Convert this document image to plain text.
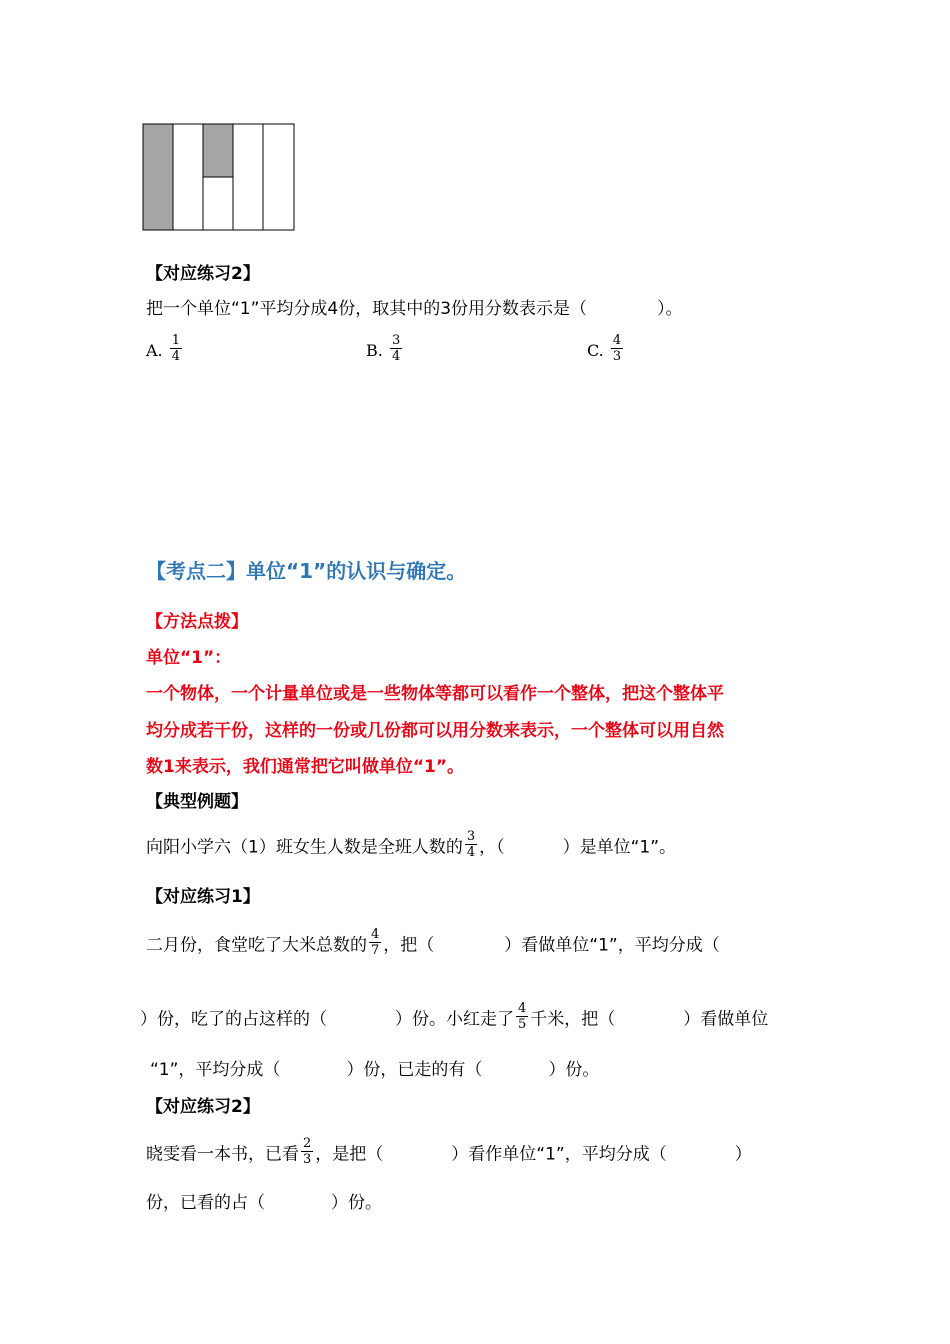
【对应练习2】
把一个单位“1”平均分成4份，取其中的3份用分数表示是（	）。
A. $\frac{1}{4}$	B. $\frac{3}{4}$	C. $\frac{4}{3}$
【考点二】单位“1”的认识与确定。
【方法点拨】
单位“1”：
一个物体，一个计量单位或是一些物体等都可以看作一个整体，把这个整体平
均分成若干份，这样的一份或几份都可以用分数来表示，一个整体可以用自然
数1来表示，我们通常把它叫做单位“1”。
【典型例题】
向阳小学六（1）班女生人数是全班人数的 $\frac{3}{4}$ ，（	）是单位“1”。
【对应练习1】
二月份，食堂吃了大米总数的 $\frac{4}{7}$ ，把（	）看做单位“1”，平均分成（
）份，吃了的占这样的（	）份。小红走了 $\frac{4}{5}$ 千米，把（	）看做单位
“1”，平均分成（	）份，已走的有（	）份。
【对应练习2】
晓雯看一本书，已看 $\frac{2}{3}$ ，是把（	）看作单位“1”，平均分成（	）
份，已看的占（	）份。
